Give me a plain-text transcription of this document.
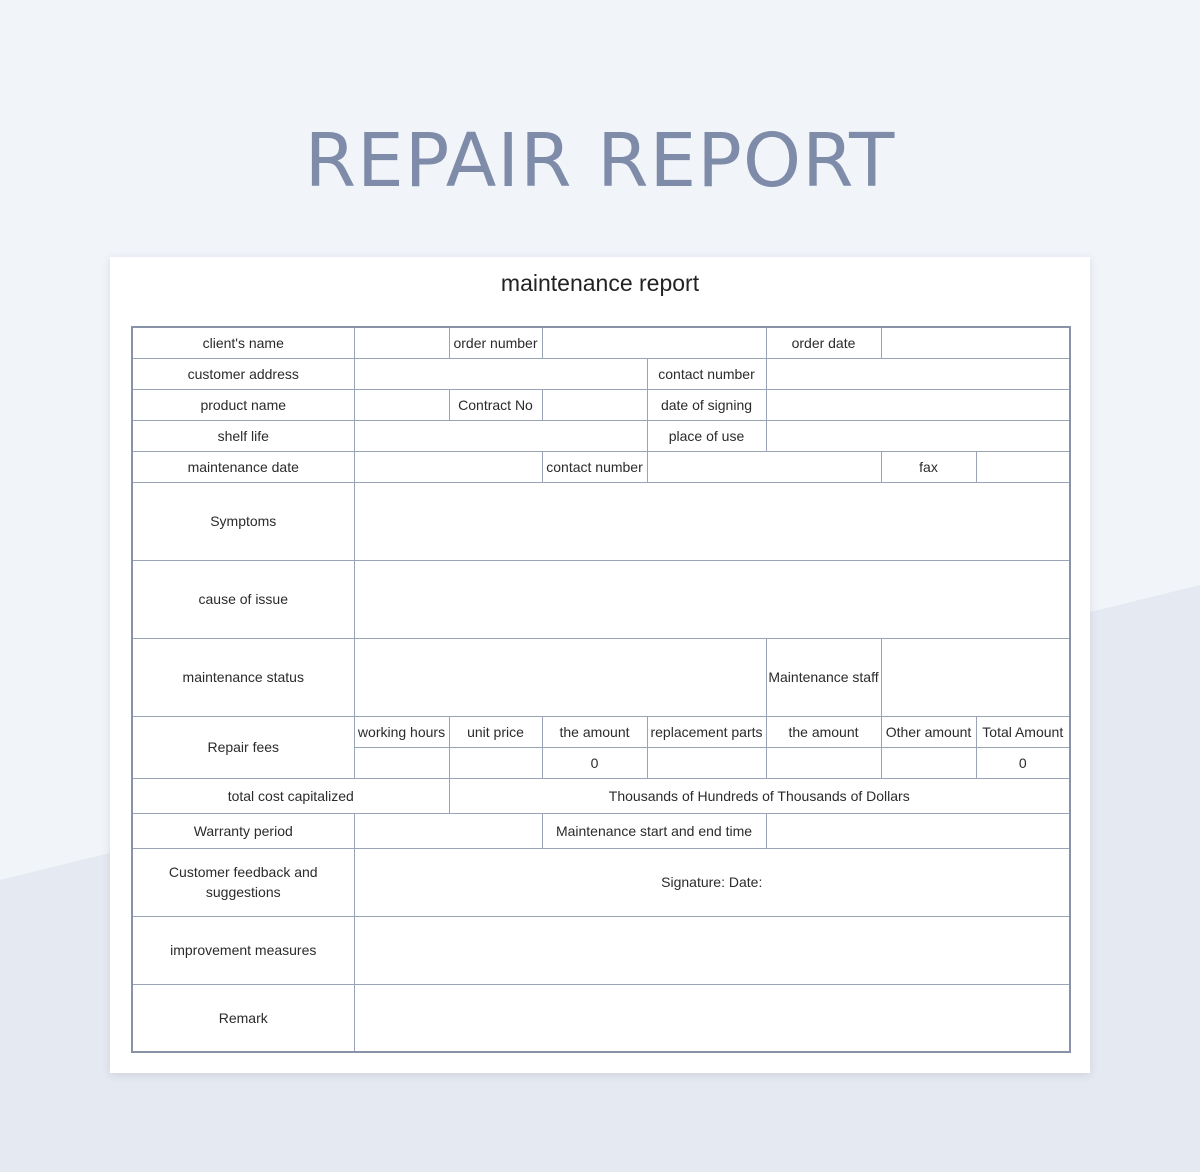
REPAIR REPORT
maintenance report
client's name		order number			order date		
customer address				contact number			
product name		Contract No		date of signing			
shelf life				place of use			
maintenance date			contact number			fax	
Symptoms							
cause of issue							
maintenance status					Maintenance staff		
Repair fees	working hours	unit price	the amount	replacement parts	the amount	Other amount	Total Amount
			0				0
total cost capitalized		Thousands of Hundreds of Thousands of Dollars					
Warranty period			Maintenance start and end time				
Customer feedback and suggestions	Signature: Date:						
improvement measures							
Remark							
